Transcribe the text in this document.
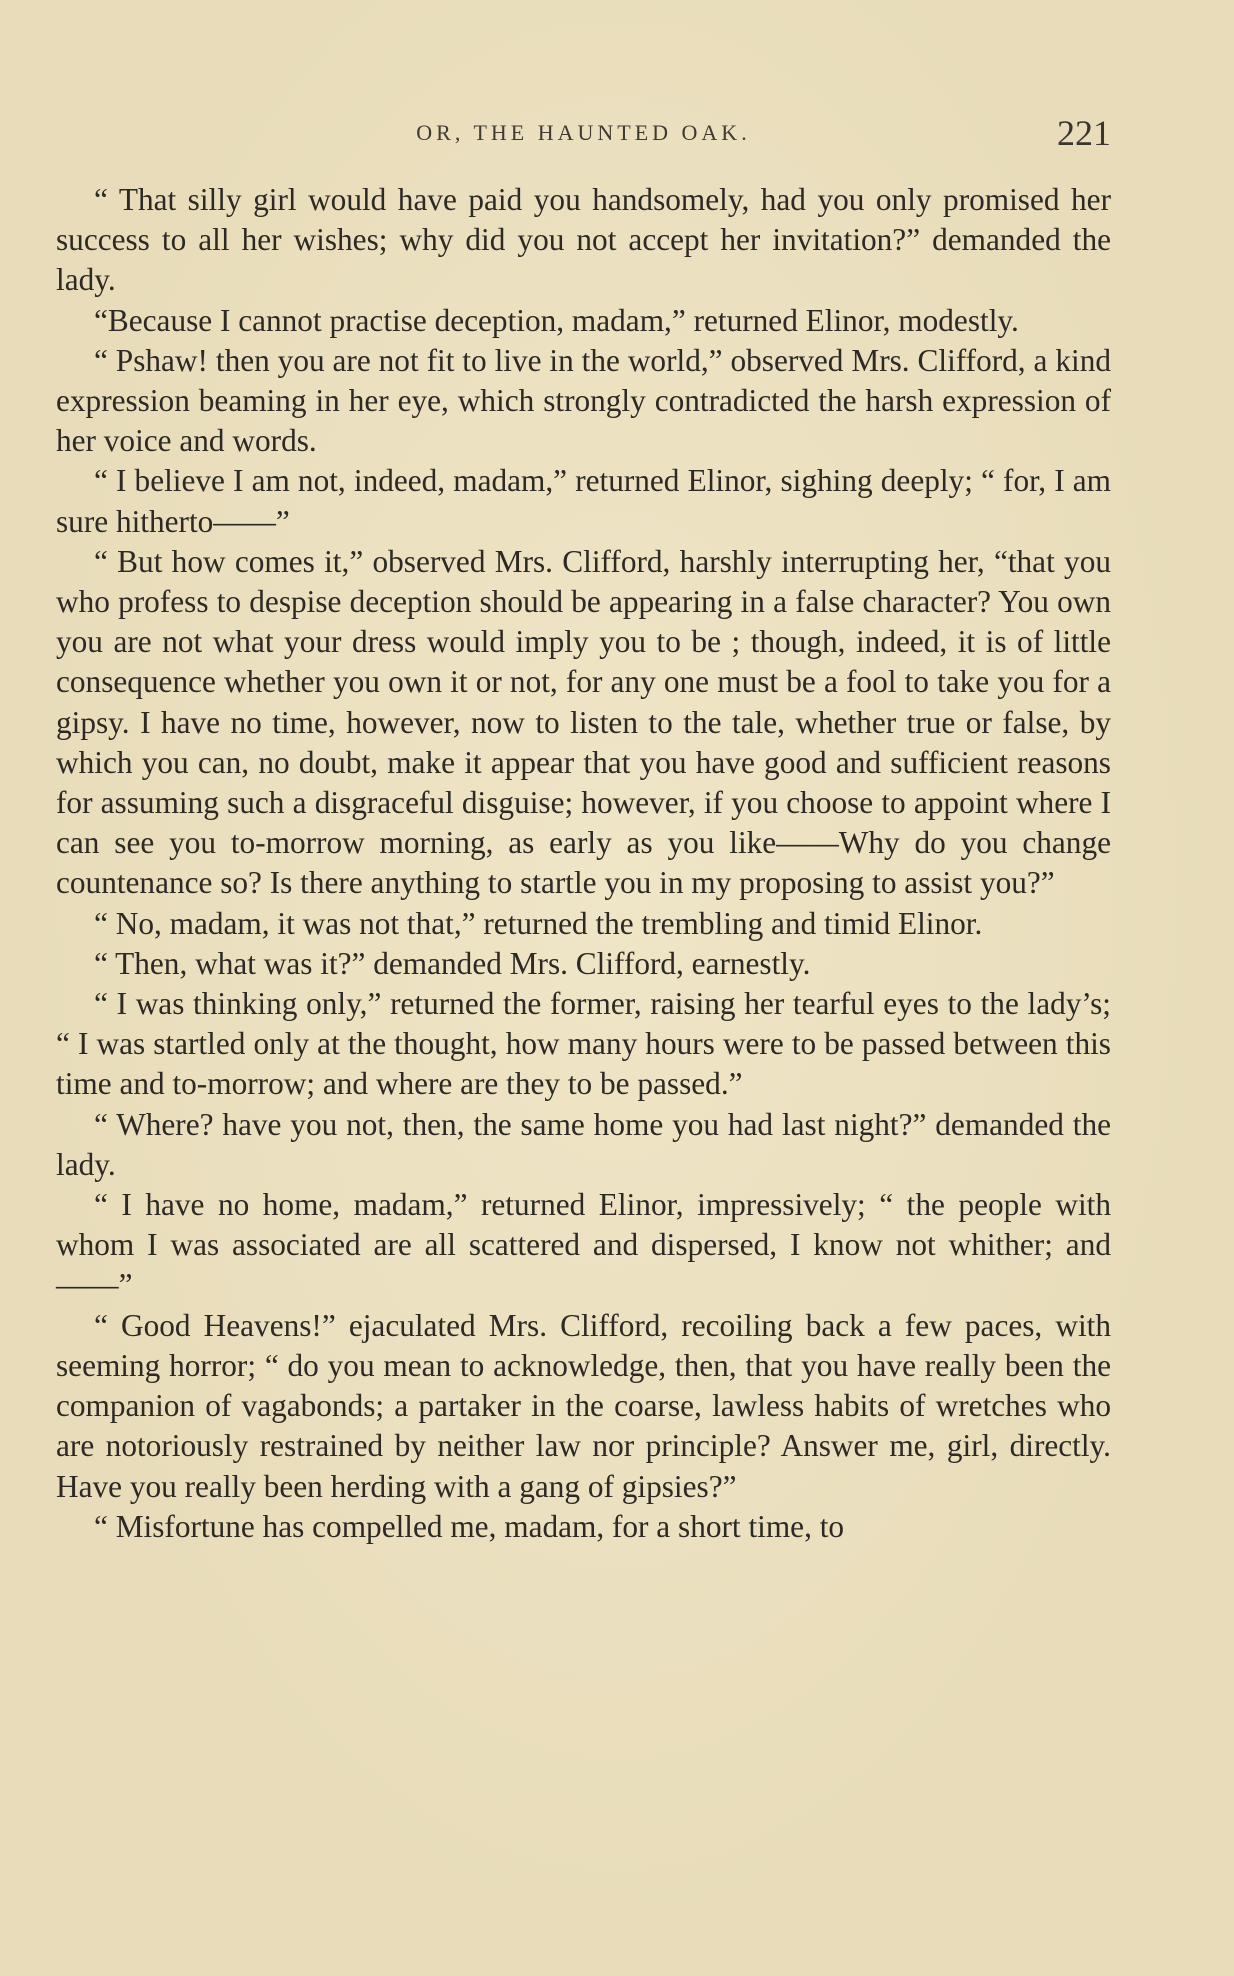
OR, THE HAUNTED OAK.	221

“ That silly girl would have paid you handsomely, had you only promised her success to all her wishes; why did you not accept her invitation?” demanded the lady.

“Because I cannot practise deception, madam,” returned Elinor, modestly.

“ Pshaw! then you are not fit to live in the world,” observed Mrs. Clifford, a kind expression beaming in her eye, which strongly contradicted the harsh expression of her voice and words.

“ I believe I am not, indeed, madam,” returned Elinor, sighing deeply; “ for, I am sure hitherto——”

“ But how comes it,” observed Mrs. Clifford, harshly interrupting her, “that you who profess to despise deception should be appearing in a false character? You own you are not what your dress would imply you to be ; though, indeed, it is of little consequence whether you own it or not, for any one must be a fool to take you for a gipsy. I have no time, however, now to listen to the tale, whether true or false, by which you can, no doubt, make it appear that you have good and sufficient reasons for assuming such a disgraceful disguise; however, if you choose to appoint where I can see you to-morrow morning, as early as you like——Why do you change countenance so? Is there anything to startle you in my proposing to assist you?”

“ No, madam, it was not that,” returned the trembling and timid Elinor.

“ Then, what was it?” demanded Mrs. Clifford, earnestly.

“ I was thinking only,” returned the former, raising her tearful eyes to the lady’s; “ I was startled only at the thought, how many hours were to be passed between this time and to-morrow; and where are they to be passed.”

“ Where? have you not, then, the same home you had last night?” demanded the lady.

“ I have no home, madam,” returned Elinor, impressively; “ the people with whom I was associated are all scattered and dispersed, I know not whither; and——”

“ Good Heavens!” ejaculated Mrs. Clifford, recoiling back a few paces, with seeming horror; “ do you mean to acknowledge, then, that you have really been the companion of vagabonds; a partaker in the coarse, lawless habits of wretches who are notoriously restrained by neither law nor principle? Answer me, girl, directly. Have you really been herding with a gang of gipsies?”

“ Misfortune has compelled me, madam, for a short time, to
